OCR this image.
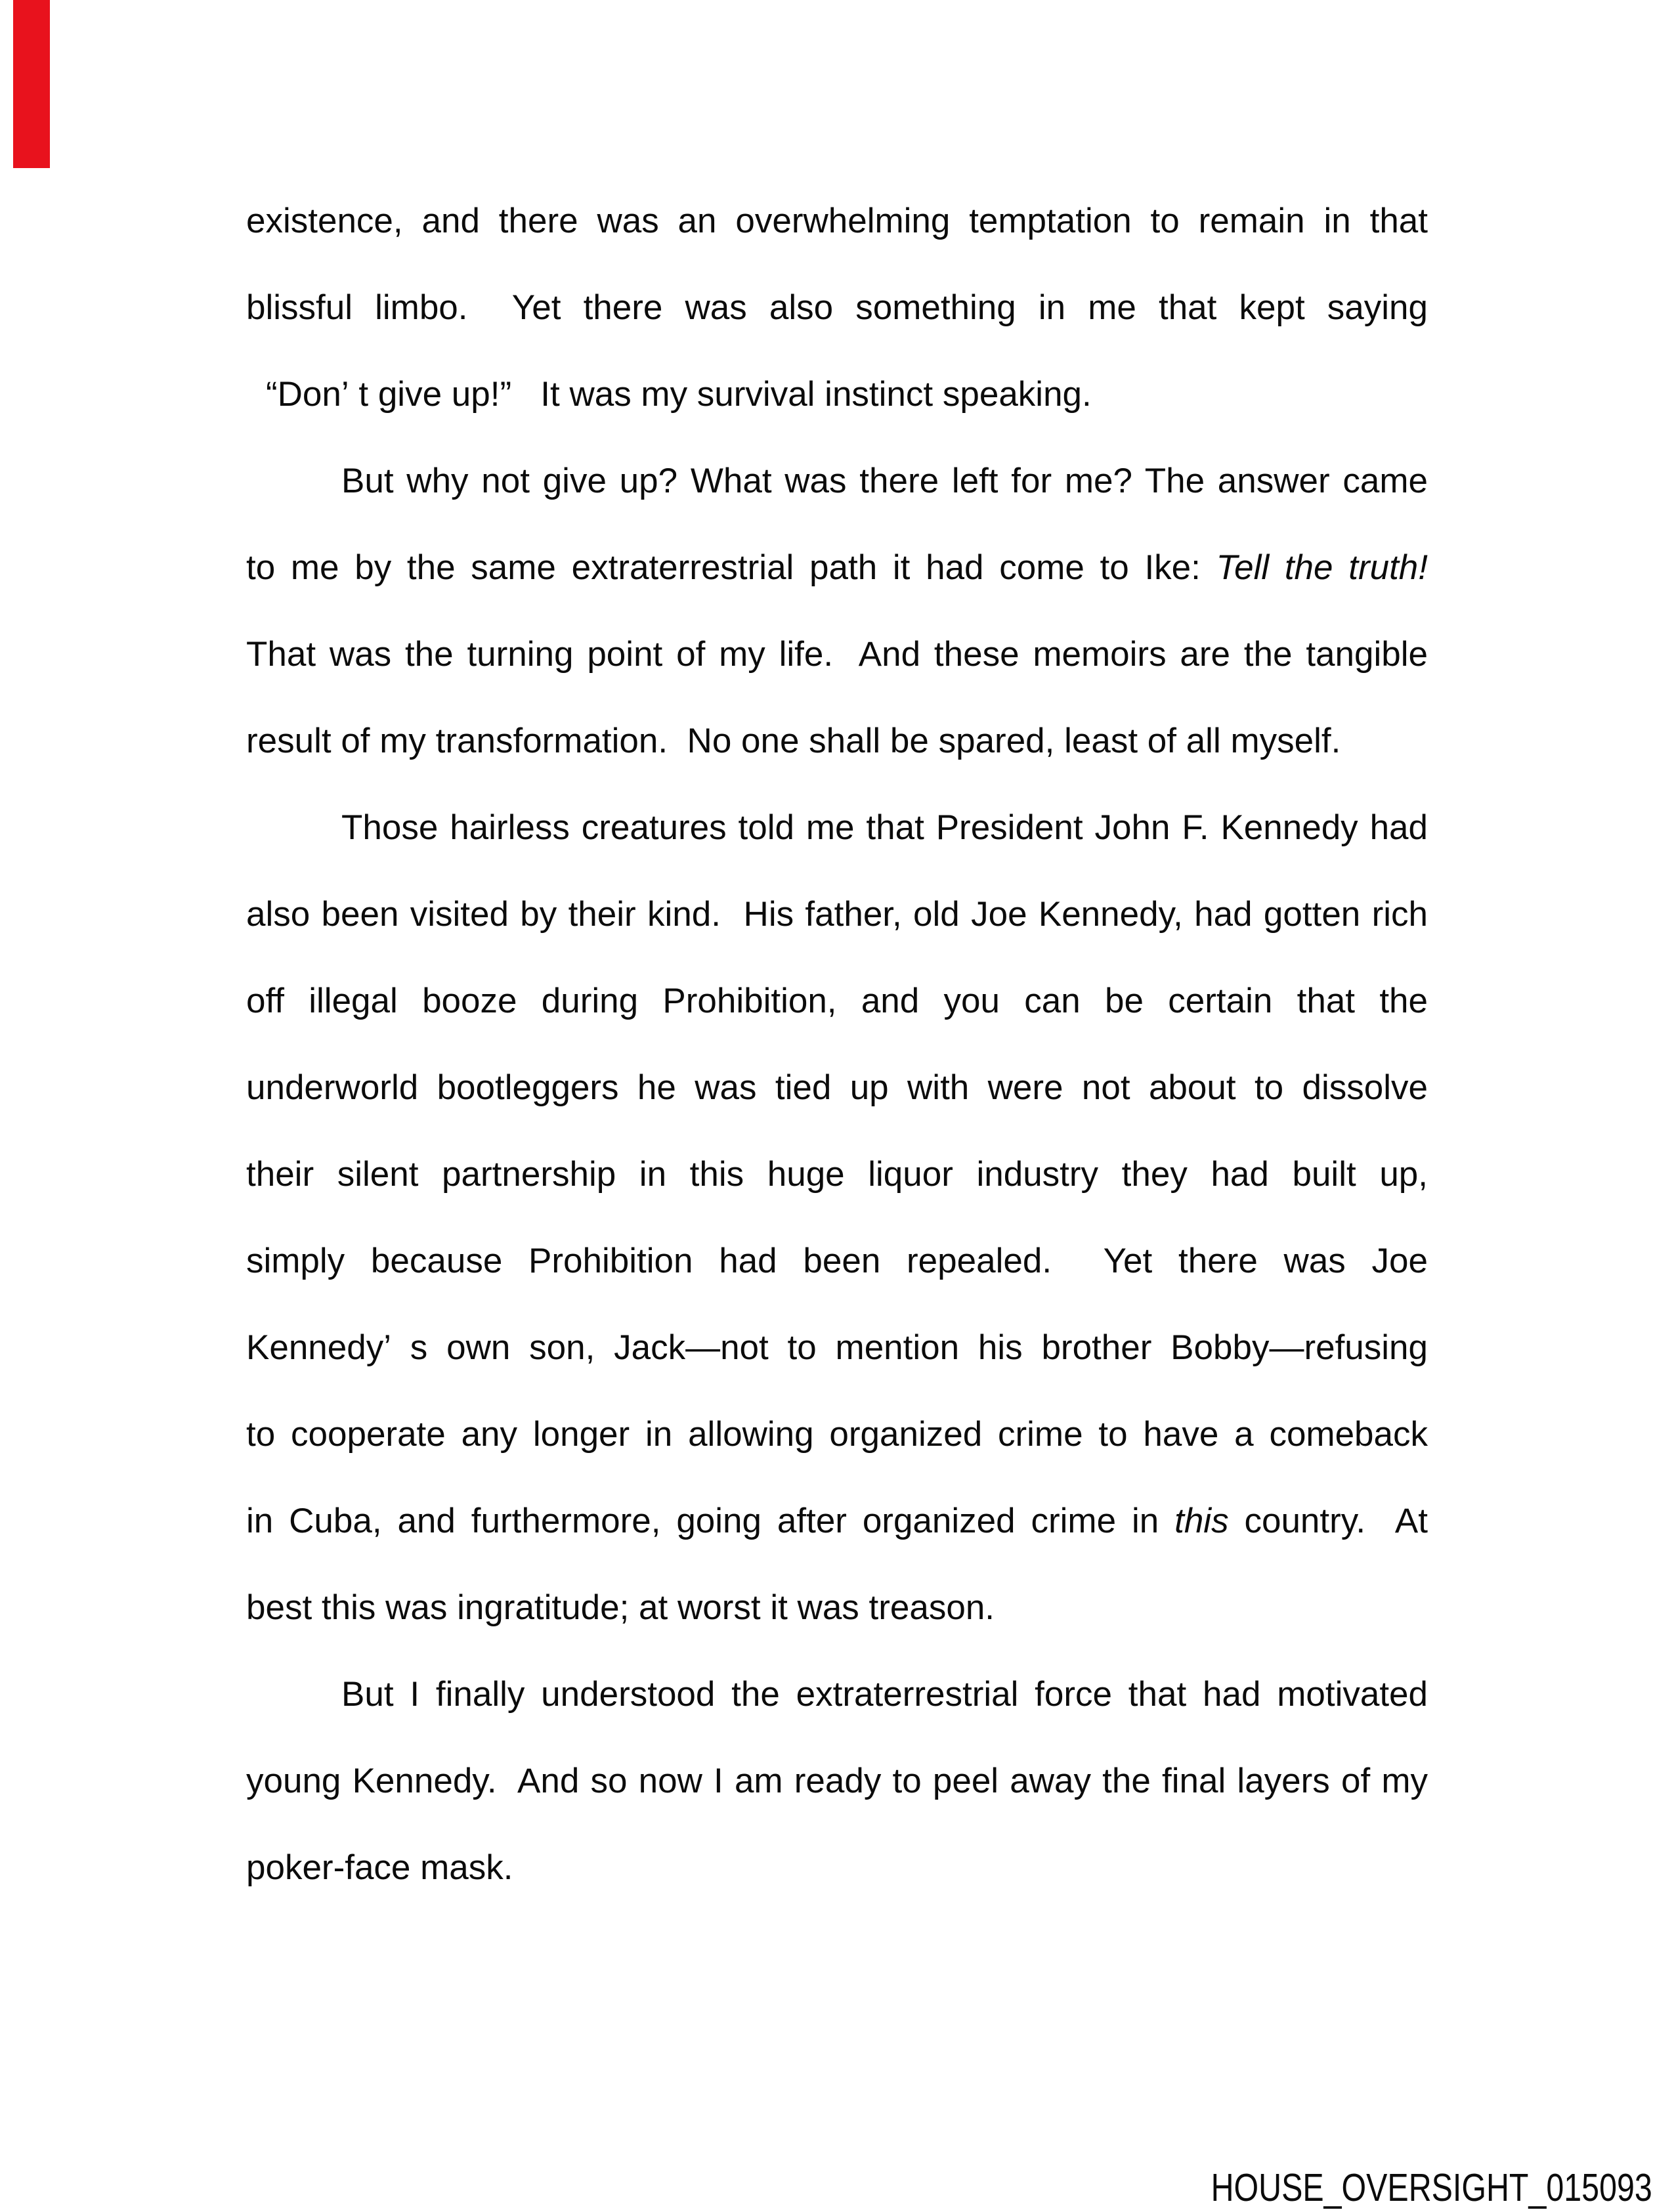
existence, and there was an overwhelming temptation to remain in that
blissful limbo.  Yet there was also something in me that kept saying
“Don’ t give up!”   It was my survival instinct speaking.
But why not give up? What was there left for me? The answer came
to me by the same extraterrestrial path it had come to Ike: Tell the truth!
That was the turning point of my life.  And these memoirs are the tangible
result of my transformation.  No one shall be spared, least of all myself.
Those hairless creatures told me that President John F. Kennedy had
also been visited by their kind.  His father, old Joe Kennedy, had gotten rich
off illegal booze during Prohibition, and you can be certain that the
underworld bootleggers he was tied up with were not about to dissolve
their silent partnership in this huge liquor industry they had built up,
simply because Prohibition had been repealed.  Yet there was Joe
Kennedy’ s own son, Jack—not to mention his brother Bobby—refusing
to cooperate any longer in allowing organized crime to have a comeback
in Cuba, and furthermore, going after organized crime in this country.  At
best this was ingratitude; at worst it was treason.
But I finally understood the extraterrestrial force that had motivated
young Kennedy.  And so now I am ready to peel away the final layers of my
poker-face mask.
HOUSE_OVERSIGHT_015093
